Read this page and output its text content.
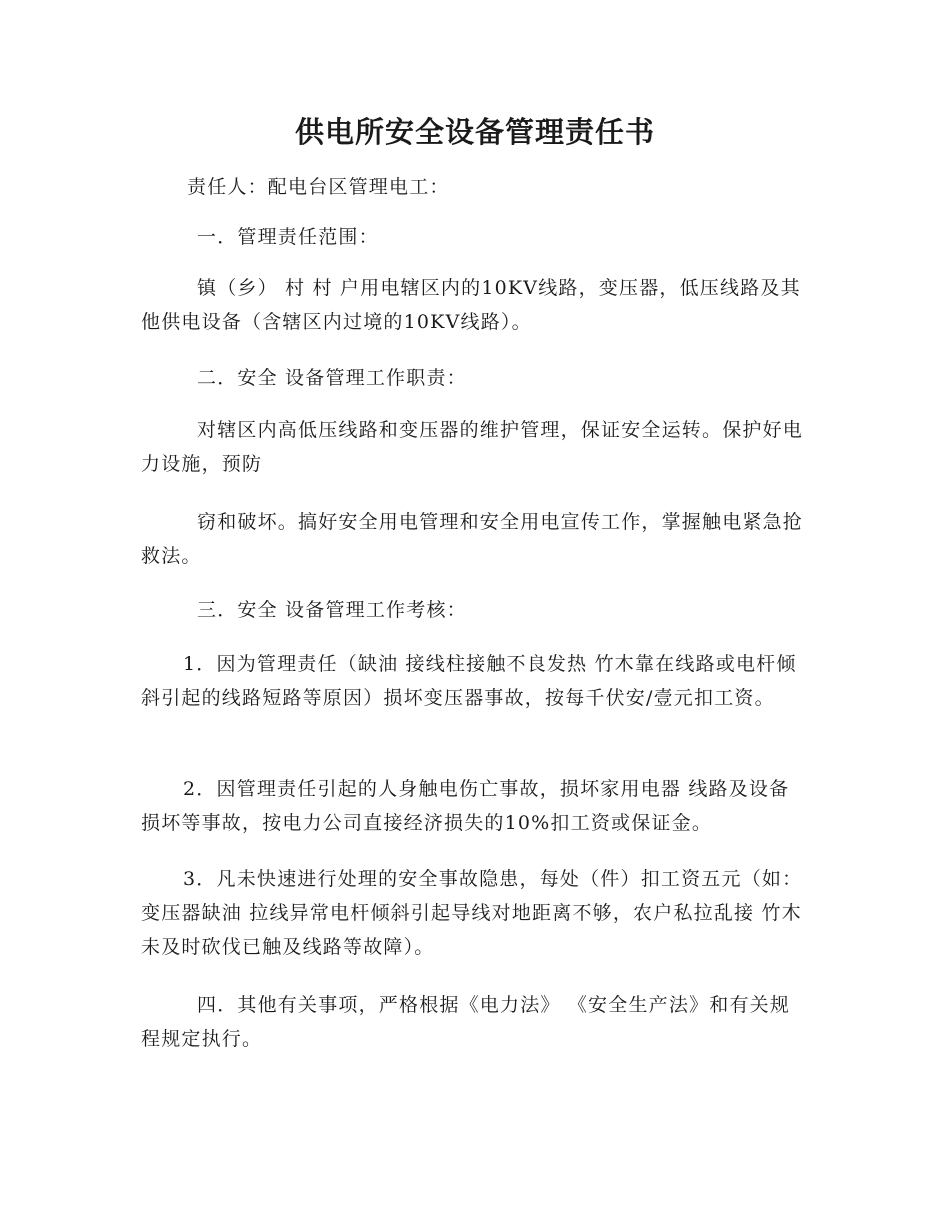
供电所安全设备管理责任书

责任人：配电台区管理电工：

一．管理责任范围：

镇（乡） 村 村 户用电辖区内的10KV线路，变压器，低压线路及其他供电设备（含辖区内过境的10KV线路）。

二．安全 设备管理工作职责：

对辖区内高低压线路和变压器的维护管理，保证安全运转。保护好电力设施，预防

窃和破坏。搞好安全用电管理和安全用电宣传工作，掌握触电紧急抢救法。

三．安全 设备管理工作考核：

1．因为管理责任（缺油 接线柱接触不良发热 竹木靠在线路或电杆倾斜引起的线路短路等原因）损坏变压器事故，按每千伏安/壹元扣工资。

2．因管理责任引起的人身触电伤亡事故，损坏家用电器 线路及设备损坏等事故，按电力公司直接经济损失的10%扣工资或保证金。

3．凡未快速进行处理的安全事故隐患，每处（件）扣工资五元（如：变压器缺油 拉线异常电杆倾斜引起导线对地距离不够，农户私拉乱接 竹木未及时砍伐已触及线路等故障）。

四．其他有关事项，严格根据《电力法》 《安全生产法》和有关规程规定执行。
